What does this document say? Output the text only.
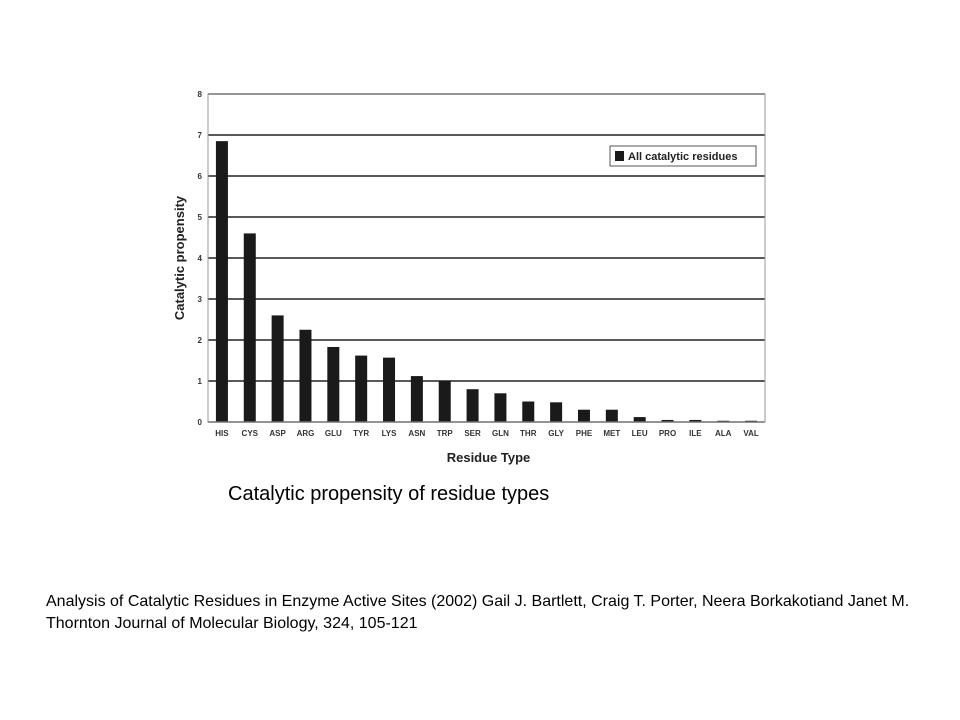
0
1
2
3
4
5
6
7
8
HIS CYS ASP ARG GLU TYR LYS ASN TRP SER GLN THR GLY PHE MET LEU PRO ILE ALA VAL
Catalytic propensity
Residue Type
All catalytic residues
Catalytic propensity of residue types
Analysis of Catalytic Residues in Enzyme Active Sites (2002) Gail J. Bartlett, Craig T. Porter, Neera Borkakotiand Janet M. Thornton Journal of Molecular Biology, 324, 105-121
